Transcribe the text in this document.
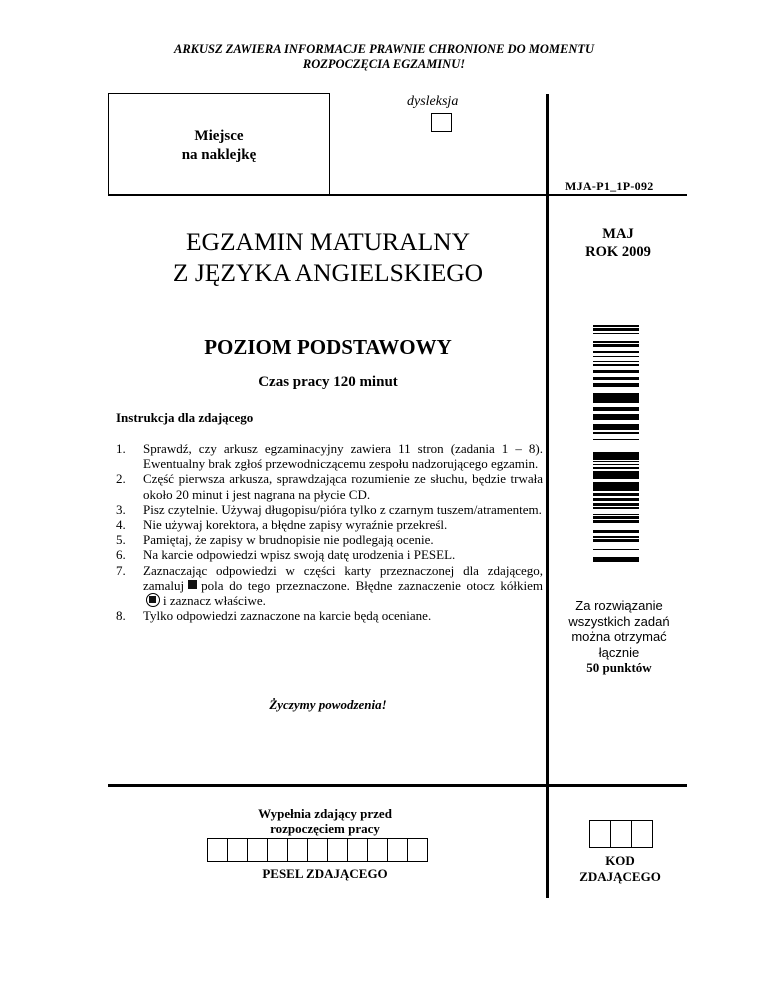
ARKUSZ ZAWIERA INFORMACJE PRAWNIE CHRONIONE DO MOMENTU
ROZPOCZĘCIA EGZAMINU!
Miejsce
na naklejkę
dysleksja
MJA-P1_1P-092
EGZAMIN MATURALNY
Z JĘZYKA ANGIELSKIEGO
MAJ
ROK 2009
POZIOM PODSTAWOWY
Czas pracy 120 minut
Instrukcja dla zdającego
1. Sprawdź, czy arkusz egzaminacyjny zawiera 11 stron (zadania 1 – 8). Ewentualny brak zgłoś przewodniczącemu zespołu nadzorującego egzamin.
2. Część pierwsza arkusza, sprawdzająca rozumienie ze słuchu, będzie trwała około 20 minut i jest nagrana na płycie CD.
3. Pisz czytelnie. Używaj długopisu/pióra tylko z czarnym tuszem/atramentem.
4. Nie używaj korektora, a błędne zapisy wyraźnie przekreśl.
5. Pamiętaj, że zapisy w brudnopisie nie podlegają ocenie.
6. Na karcie odpowiedzi wpisz swoją datę urodzenia i PESEL.
7. Zaznaczając odpowiedzi w części karty przeznaczonej dla zdającego, zamaluj pola do tego przeznaczone. Błędne zaznaczenie otocz kółkiemi zaznacz właściwe.
8. Tylko odpowiedzi zaznaczone na karcie będą oceniane.
Życzymy powodzenia!
Za rozwiązanie
wszystkich zadań
można otrzymać
łącznie
50 punktów
Wypełnia zdający przed
rozpoczęciem pracy
PESEL ZDAJĄCEGO
KOD
ZDAJĄCEGO
